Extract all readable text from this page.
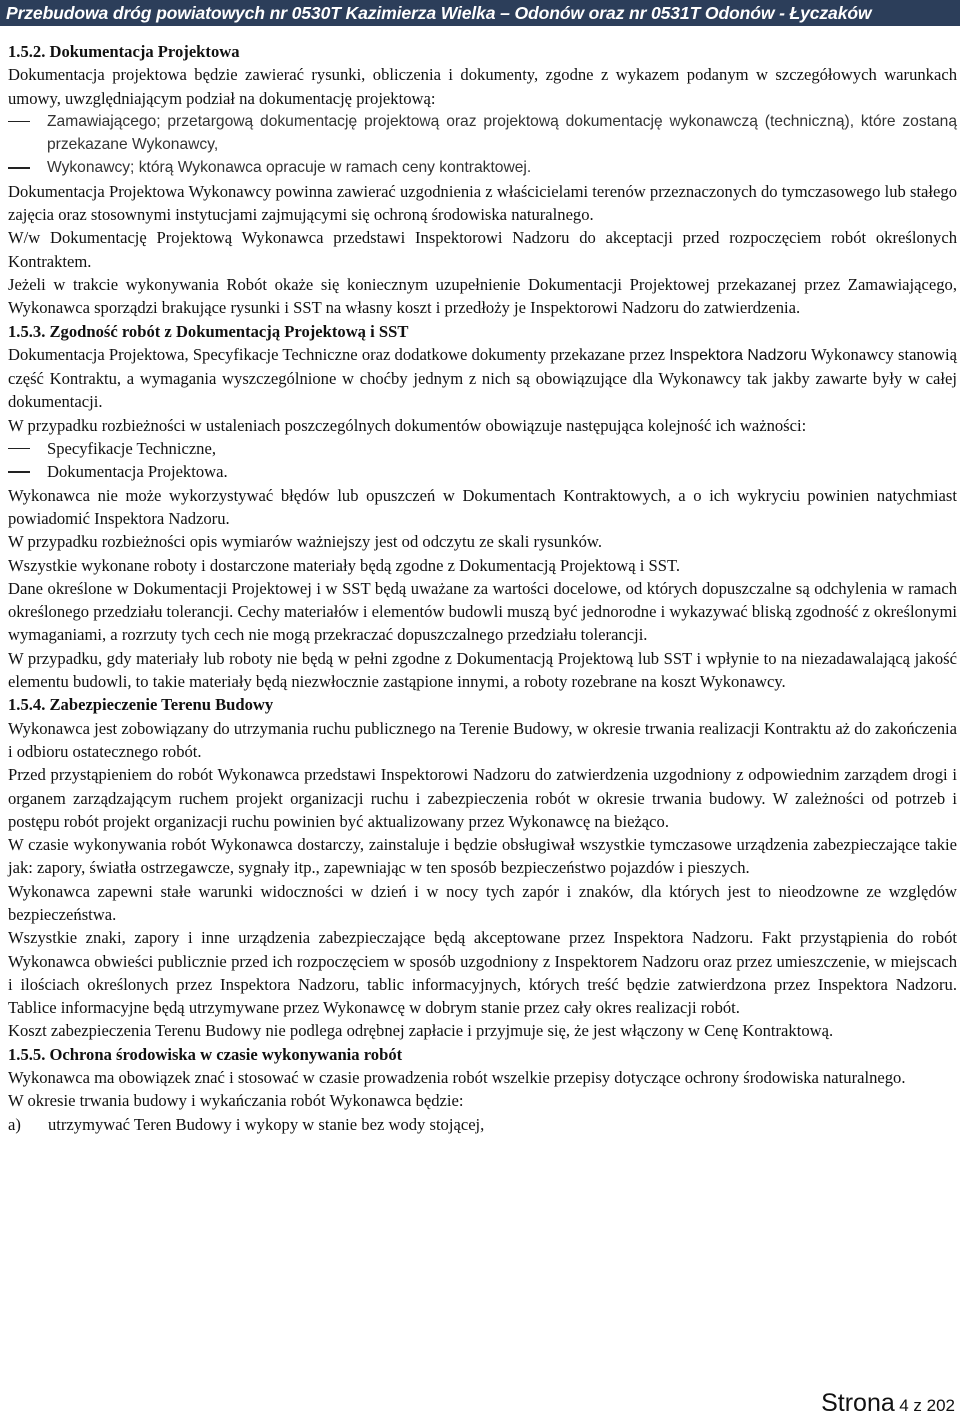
Przebudowa dróg powiatowych nr 0530T Kazimierza Wielka – Odonów oraz nr 0531T Odonów - Łyczaków
1.5.2. Dokumentacja Projektowa

Dokumentacja projektowa będzie zawierać rysunki, obliczenia i dokumenty, zgodne z wykazem podanym w szczegółowych warunkach umowy, uwzględniającym podział na dokumentację projektową:

Zamawiającego; przetargową dokumentację projektową oraz projektową dokumentację wykonawczą (techniczną), które zostaną przekazane Wykonawcy,
Wykonawcy; którą Wykonawca opracuje w ramach ceny kontraktowej.

Dokumentacja Projektowa Wykonawcy powinna zawierać uzgodnienia z właścicielami terenów przeznaczonych do tymczasowego lub stałego zajęcia oraz stosownymi instytucjami zajmującymi się ochroną środowiska naturalnego.

W/w Dokumentację Projektową Wykonawca przedstawi Inspektorowi Nadzoru do akceptacji przed rozpoczęciem robót określonych Kontraktem.

Jeżeli w trakcie wykonywania Robót okaże się koniecznym uzupełnienie Dokumentacji Projektowej przekazanej przez Zamawiającego, Wykonawca sporządzi brakujące rysunki i SST na własny koszt i przedłoży je Inspektorowi Nadzoru do zatwierdzenia.

1.5.3. Zgodność robót z Dokumentacją Projektową i SST

Dokumentacja Projektowa, Specyfikacje Techniczne oraz dodatkowe dokumenty przekazane przez Inspektora Nadzoru Wykonawcy stanowią część Kontraktu, a wymagania wyszczególnione w choćby jednym z nich są obowiązujące dla Wykonawcy tak jakby zawarte były w całej dokumentacji.

W przypadku rozbieżności w ustaleniach poszczególnych dokumentów obowiązuje następująca kolejność ich ważności:

Specyfikacje Techniczne,
Dokumentacja Projektowa.

Wykonawca nie może wykorzystywać błędów lub opuszczeń w Dokumentach Kontraktowych, a o ich wykryciu powinien natychmiast powiadomić Inspektora Nadzoru.

W przypadku rozbieżności opis wymiarów ważniejszy jest od odczytu ze skali rysunków.

Wszystkie wykonane roboty i dostarczone materiały będą zgodne z Dokumentacją Projektową i SST.

Dane określone w Dokumentacji Projektowej i w SST będą uważane za wartości docelowe, od których dopuszczalne są odchylenia w ramach określonego przedziału tolerancji. Cechy materiałów i elementów budowli muszą być jednorodne i wykazywać bliską zgodność z określonymi wymaganiami, a rozrzuty tych cech nie mogą przekraczać dopuszczalnego przedziału tolerancji.

W przypadku, gdy materiały lub roboty nie będą w pełni zgodne z Dokumentacją Projektową lub SST i wpłynie to na niezadawalającą jakość elementu budowli, to takie materiały będą niezwłocznie zastąpione innymi, a roboty rozebrane na koszt Wykonawcy.

1.5.4. Zabezpieczenie Terenu Budowy

Wykonawca jest zobowiązany do utrzymania ruchu publicznego na Terenie Budowy, w okresie trwania realizacji Kontraktu aż do zakończenia i odbioru ostatecznego robót.

Przed przystąpieniem do robót Wykonawca przedstawi Inspektorowi Nadzoru do zatwierdzenia uzgodniony z odpowiednim zarządem drogi i organem zarządzającym ruchem projekt organizacji ruchu i zabezpieczenia robót w okresie trwania budowy. W zależności od potrzeb i postępu robót projekt organizacji ruchu powinien być aktualizowany przez Wykonawcę na bieżąco.

W czasie wykonywania robót Wykonawca dostarczy, zainstaluje i będzie obsługiwał wszystkie tymczasowe urządzenia zabezpieczające takie jak: zapory, światła ostrzegawcze, sygnały itp., zapewniając w ten sposób bezpieczeństwo pojazdów i pieszych.

Wykonawca zapewni stałe warunki widoczności w dzień i w nocy tych zapór i znaków, dla których jest to nieodzowne ze względów bezpieczeństwa.

Wszystkie znaki, zapory i inne urządzenia zabezpieczające będą akceptowane przez Inspektora Nadzoru. Fakt przystąpienia do robót Wykonawca obwieści publicznie przed ich rozpoczęciem w sposób uzgodniony z Inspektorem Nadzoru oraz przez umieszczenie, w miejscach i ilościach określonych przez Inspektora Nadzoru, tablic informacyjnych, których treść będzie zatwierdzona przez Inspektora Nadzoru. Tablice informacyjne będą utrzymywane przez Wykonawcę w dobrym stanie przez cały okres realizacji robót.

Koszt zabezpieczenia Terenu Budowy nie podlega odrębnej zapłacie i przyjmuje się, że jest włączony w Cenę Kontraktową.

1.5.5. Ochrona środowiska w czasie wykonywania robót

Wykonawca ma obowiązek znać i stosować w czasie prowadzenia robót wszelkie przepisy dotyczące ochrony środowiska naturalnego.

W okresie trwania budowy i wykańczania robót Wykonawca będzie:

a) utrzymywać Teren Budowy i wykopy w stanie bez wody stojącej,
Strona 4 z 202
